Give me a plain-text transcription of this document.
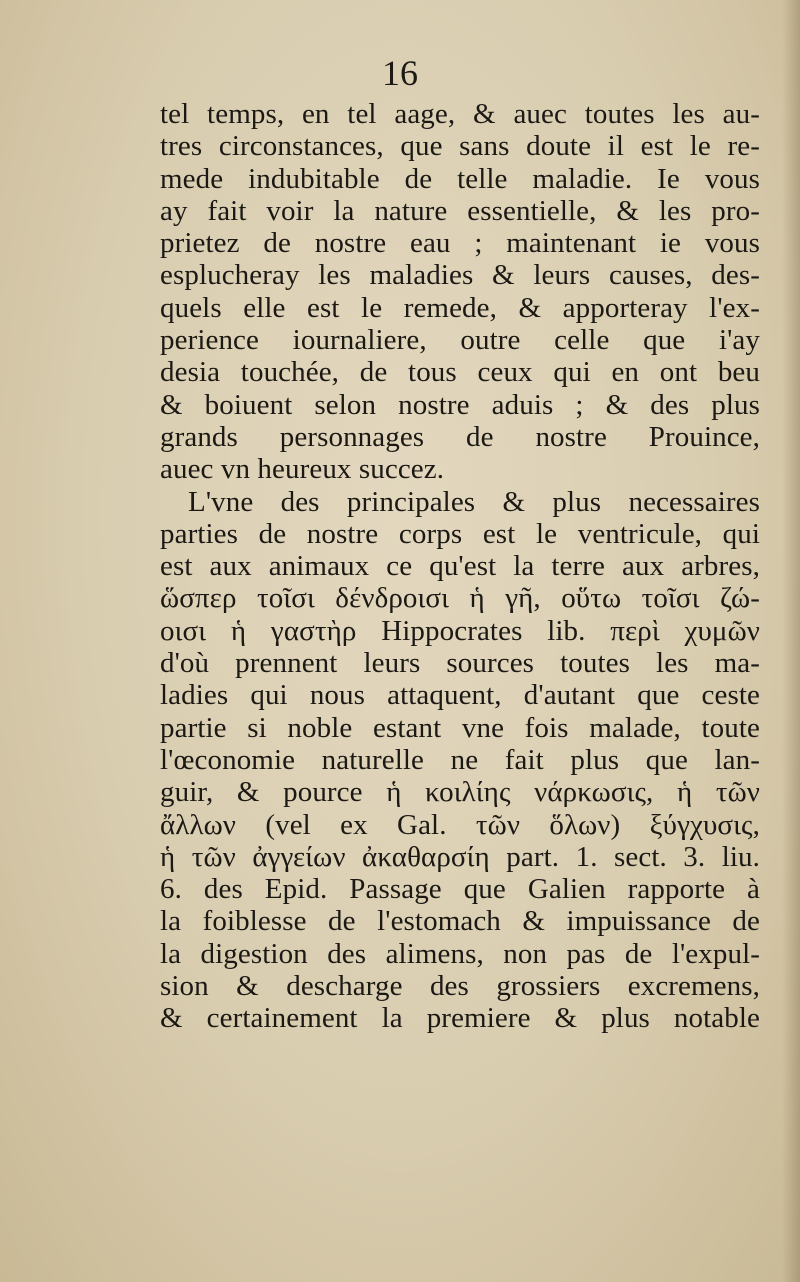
16
tel temps, en tel aage, & auec toutes les au-
tres circonstances, que sans doute il est le re-
mede indubitable de telle maladie. Ie vous
ay fait voir la nature essentielle, & les pro-
prietez de nostre eau ; maintenant ie vous
esplucheray les maladies & leurs causes, des-
quels elle est le remede, & apporteray l'ex-
perience iournaliere, outre celle que i'ay
desia touchée, de tous ceux qui en ont beu
& boiuent selon nostre aduis ; & des plus
grands personnages de nostre Prouince,
auec vn heureux succez.
L'vne des principales & plus necessaires
parties de nostre corps est le ventricule, qui
est aux animaux ce qu'est la terre aux arbres,
ὥσπερ τοῖσι δένδροισι ἡ γῆ, οὕτω τοῖσι ζώ-
οισι ἡ γαστὴρ Hippocrates lib. περὶ χυμῶν
d'où prennent leurs sources toutes les ma-
ladies qui nous attaquent, d'autant que ceste
partie si noble estant vne fois malade, toute
l'œconomie naturelle ne fait plus que lan-
guir, & pource ἡ κοιλίης νάρκωσις, ἡ τῶν
ἄλλων (vel ex Gal. τῶν ὅλων) ξύγχυσις,
ἡ τῶν ἀγγείων ἀκαθαρσίη part. 1. sect. 3. liu.
6. des Epid. Passage que Galien rapporte à
la foiblesse de l'estomach & impuissance de
la digestion des alimens, non pas de l'expul-
sion & descharge des grossiers excremens,
& certainement la premiere & plus notable
